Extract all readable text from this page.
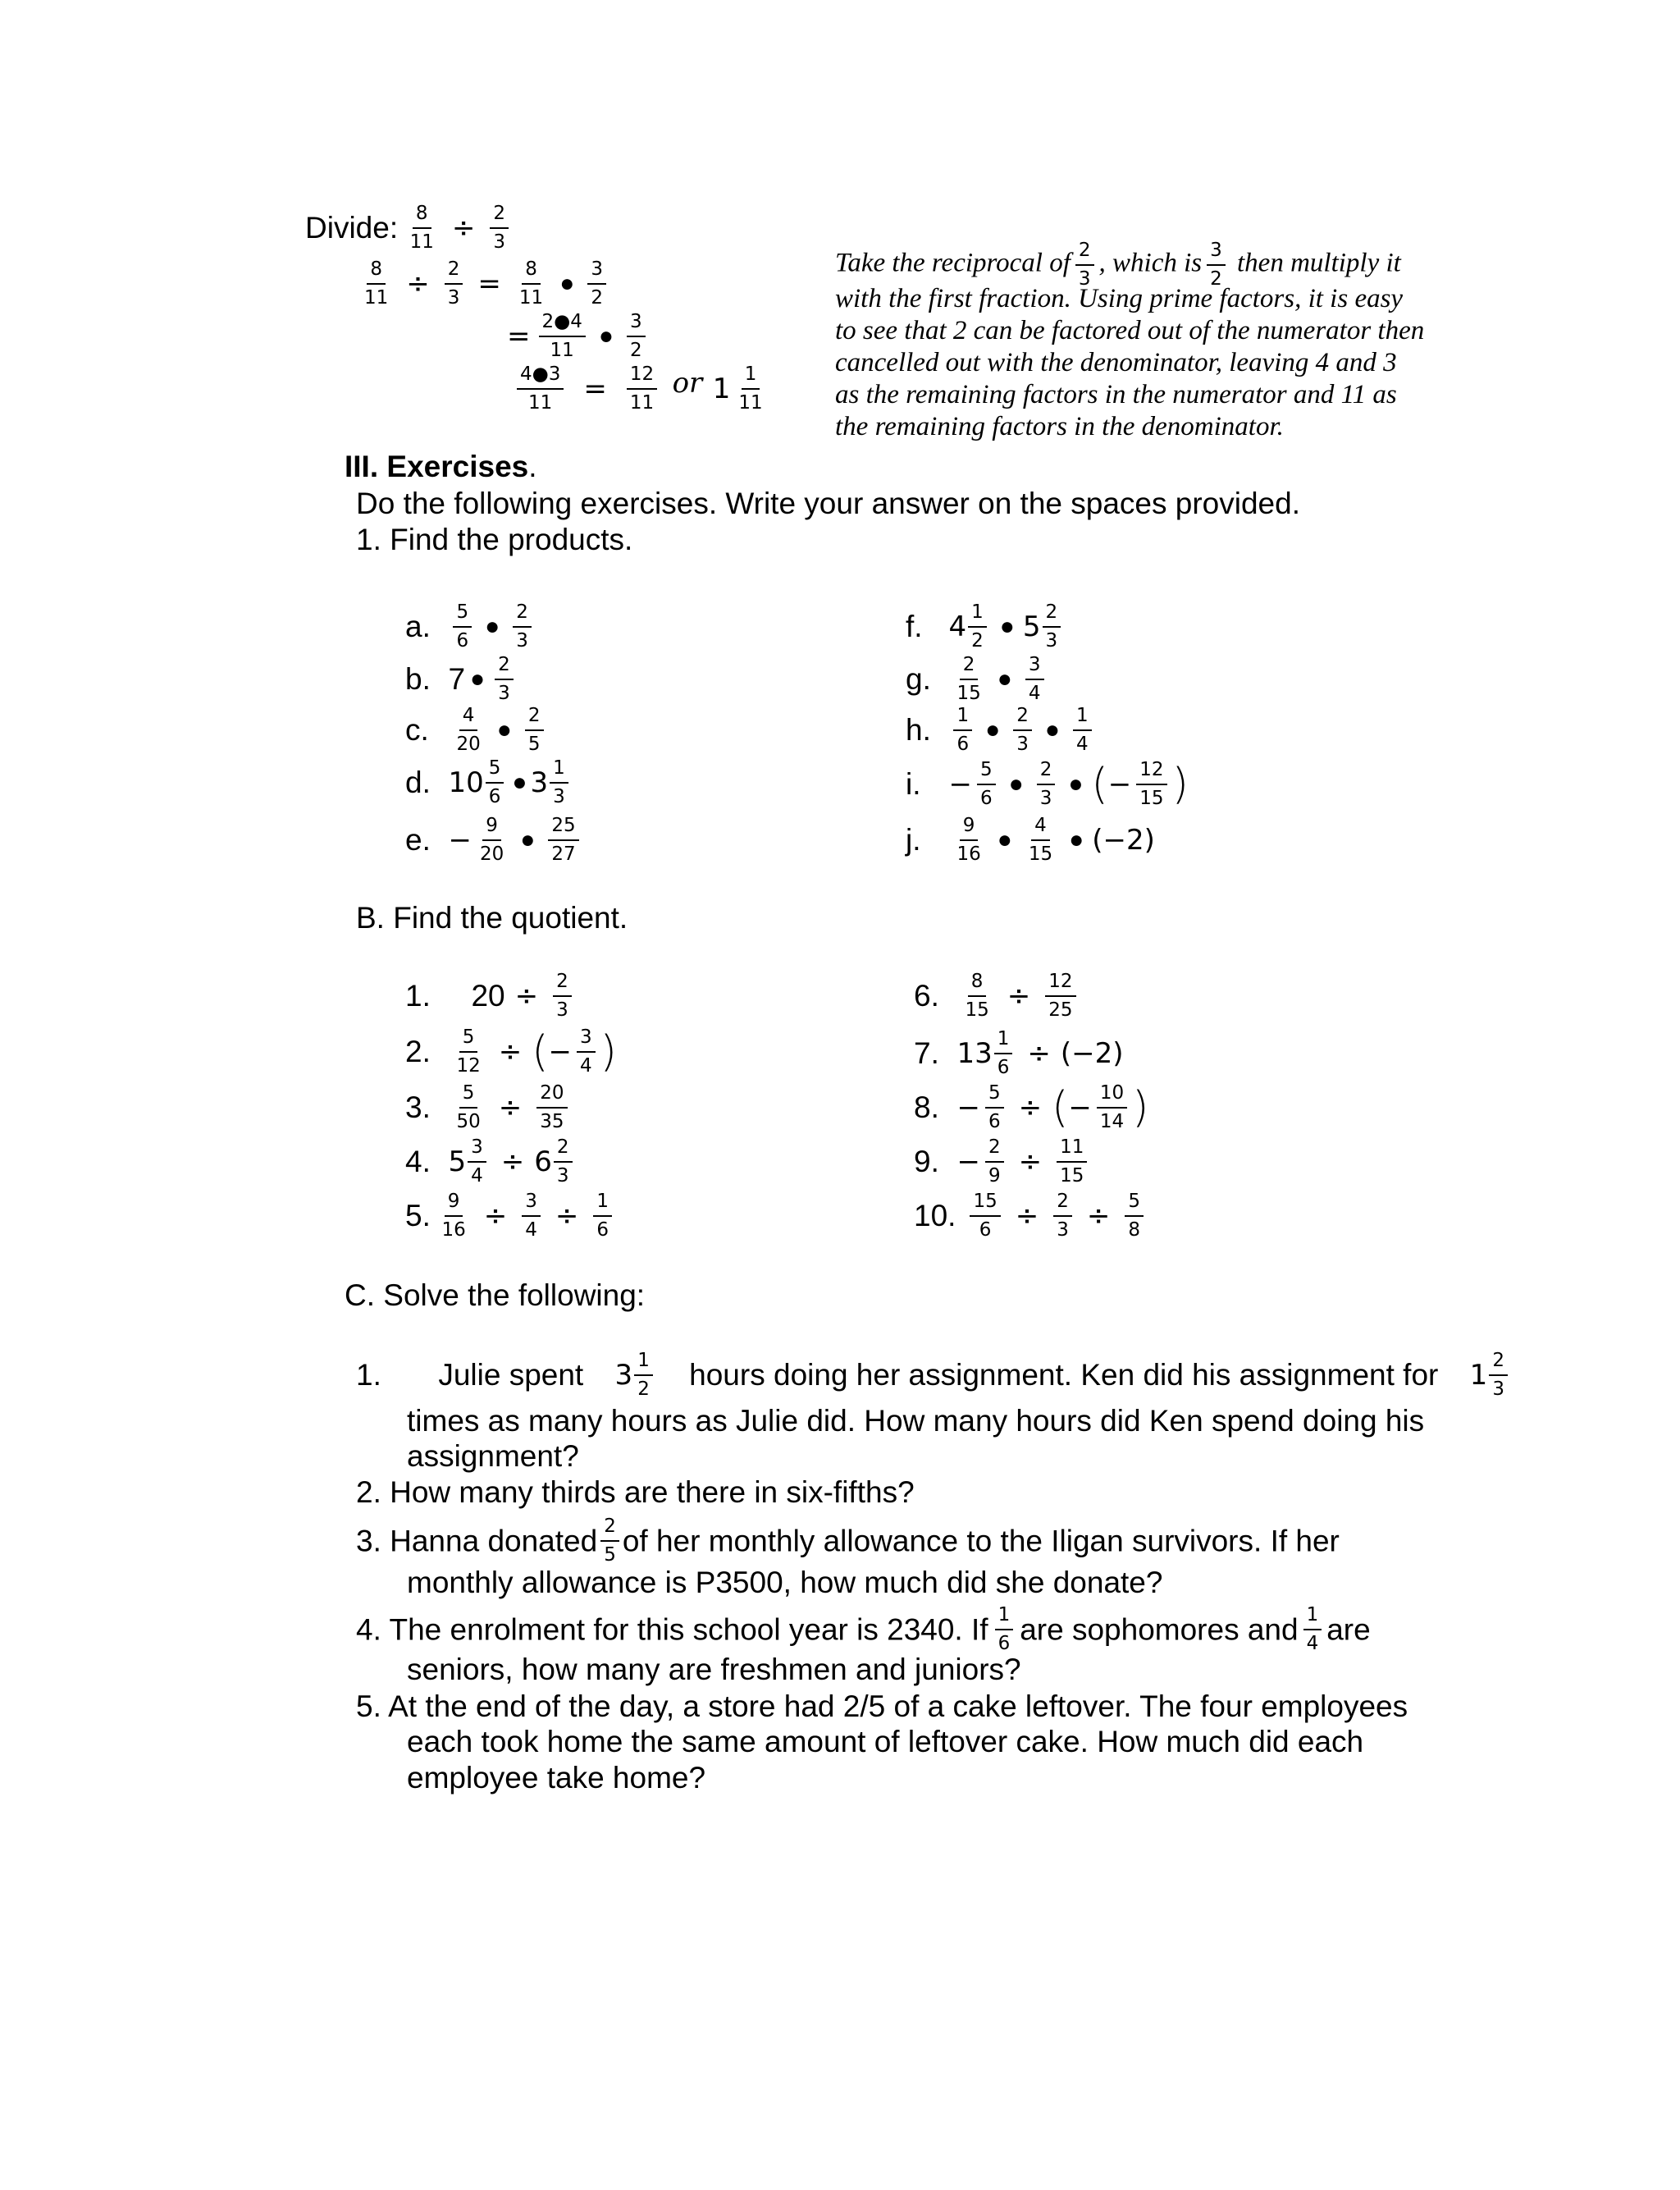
Divide: $\frac{8}{11} \div \frac{2}{3}$
$\frac{8}{11} \div \frac{2}{3} = \frac{8}{11}$ ● $\frac{3}{2}$
= $\frac{2●4}{11}$ ● $\frac{3}{2}$
$\frac{4●3}{11} = \frac{12}{11}$ or $1 \frac{1}{11}$
Take the reciprocal of $\frac{2}{3}$ , which is $\frac{3}{2}$ then multiply it
with the first fraction. Using prime factors, it is easy
to see that 2 can be factored out of the numerator then
cancelled out with the denominator, leaving 4 and 3
as the remaining factors in the numerator and 11 as
the remaining factors in the denominator.
III. Exercises.
Do the following exercises. Write your answer on the spaces provided.
1. Find the products.
a. $\frac{5}{6}$ ● $\frac{2}{3}$
b. 7 ● $\frac{2}{3}$
c. $\frac{4}{20}$ ● $\frac{2}{5}$
d. $10 \frac{5}{6}$ ● $3 \frac{1}{3}$
e. − $\frac{9}{20}$ ● $\frac{25}{27}$
f. $4 \frac{1}{2}$ ● $5 \frac{2}{3}$
g. $\frac{2}{15}$ ● $\frac{3}{4}$
h. $\frac{1}{6}$ ● $\frac{2}{3}$ ● $\frac{1}{4}$
i. − $\frac{5}{6}$ ● $\frac{2}{3}$ ● (− $\frac{12}{15}$ )
j. $\frac{9}{16}$ ● $\frac{4}{15}$ ● (−2)
B. Find the quotient.
1. $20 \div \frac{2}{3}$
2. $\frac{5}{12}$ ÷ (− $\frac{3}{4}$ )
3. $\frac{5}{50} \div \frac{20}{35}$
4. $5 \frac{3}{4} \div 6 \frac{2}{3}$
5. $\frac{9}{16} \div \frac{3}{4} \div \frac{1}{6}$
6. $\frac{8}{15} \div \frac{12}{25}$
7. $13 \frac{1}{6} \div (-2)$
8. − $\frac{5}{6}$ ÷ (− $\frac{10}{14}$ )
9. − $\frac{2}{9} \div \frac{11}{15}$
10. $\frac{15}{6} \div \frac{2}{3} \div \frac{5}{8}$
C. Solve the following:
1.	Julie spent $3 \frac{1}{2}$ hours doing her assignment. Ken did his assignment for $1 \frac{2}{3}$
times as many hours as Julie did. How many hours did Ken spend doing his
assignment?
2. How many thirds are there in six-fifths?
3. Hanna donated $\frac{2}{5}$ of her monthly allowance to the Iligan survivors. If her
monthly allowance is P3500, how much did she donate?
4. The enrolment for this school year is 2340. If $\frac{1}{6}$ are sophomores and $\frac{1}{4}$ are
seniors, how many are freshmen and juniors?
5. At the end of the day, a store had 2/5 of a cake leftover. The four employees
each took home the same amount of leftover cake. How much did each
employee take home?
